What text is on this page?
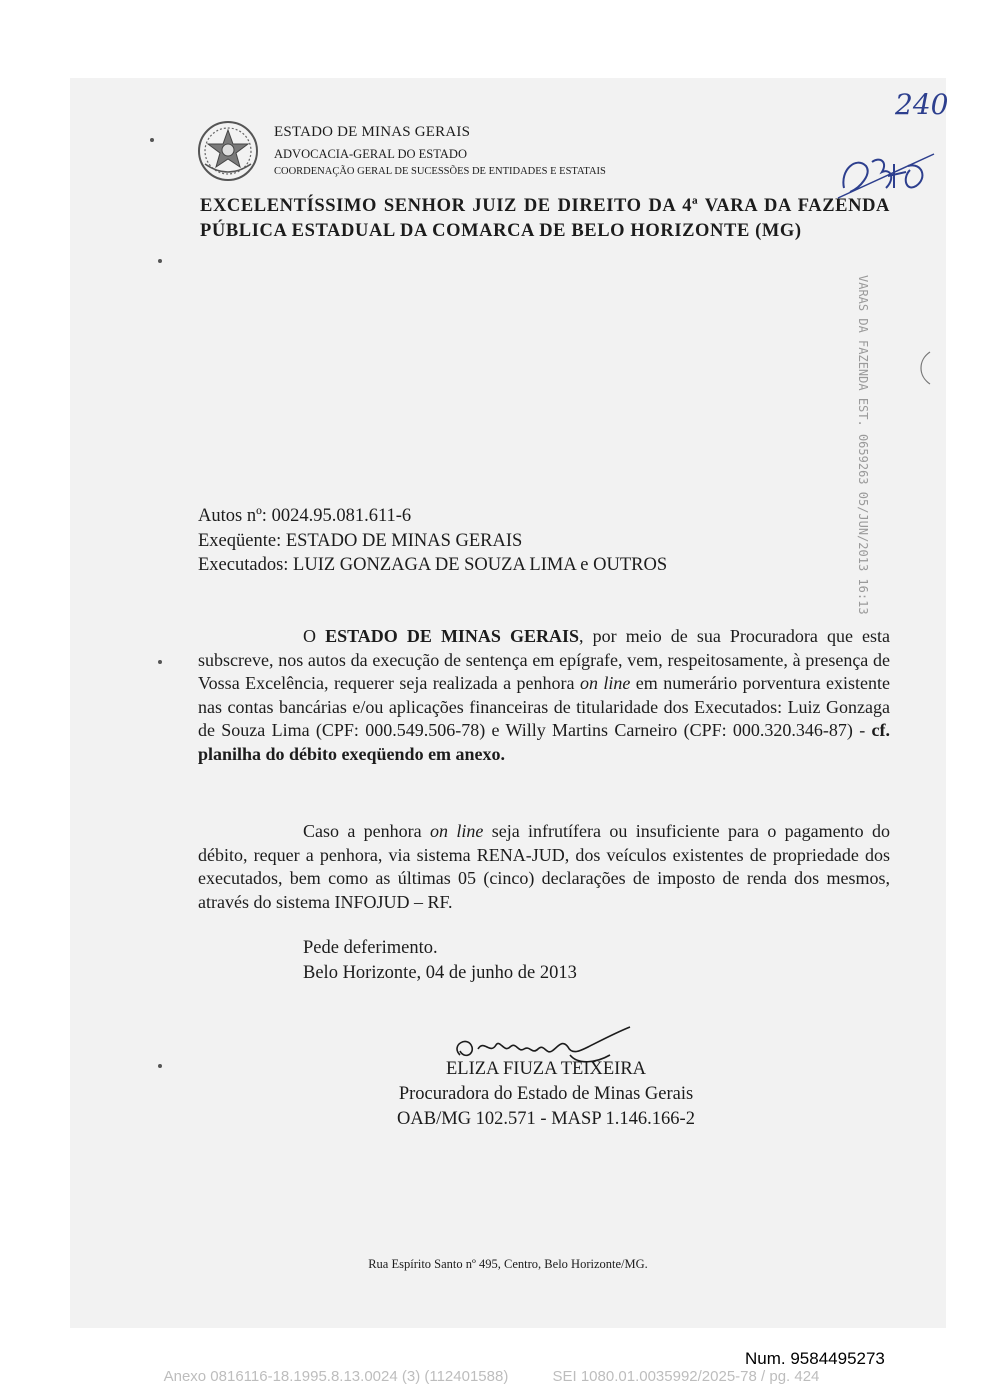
ESTADO DE MINAS GERAIS
ADVOCACIA-GERAL DO ESTADO
COORDENAÇÃO GERAL DE SUCESSÕES DE ENTIDADES E ESTATAIS
240
EXCELENTÍSSIMO SENHOR JUIZ DE DIREITO DA 4ª VARA DA FAZENDA PÚBLICA ESTADUAL DA COMARCA DE BELO HORIZONTE (MG)
VARAS DA FAZENDA EST. 0659263 05/JUN/2013 16:13
Autos nº: 0024.95.081.611-6
Exeqüente: ESTADO DE MINAS GERAIS
Executados: LUIZ GONZAGA DE SOUZA LIMA e OUTROS
O ESTADO DE MINAS GERAIS, por meio de sua Procuradora que esta subscreve, nos autos da execução de sentença em epígrafe, vem, respeitosamente, à presença de Vossa Excelência, requerer seja realizada a penhora on line em numerário porventura existente nas contas bancárias e/ou aplicações financeiras de titularidade dos Executados: Luiz Gonzaga de Souza Lima (CPF: 000.549.506-78) e Willy Martins Carneiro (CPF: 000.320.346-87) - cf. planilha do débito exeqüendo em anexo.
Caso a penhora on line seja infrutífera ou insuficiente para o pagamento do débito, requer a penhora, via sistema RENA-JUD, dos veículos existentes de propriedade dos executados, bem como as últimas 05 (cinco) declarações de imposto de renda dos mesmos, através do sistema INFOJUD – RF.
Pede deferimento.
Belo Horizonte, 04 de junho de 2013
ELIZA FIUZA TEIXEIRA
Procuradora do Estado de Minas Gerais
OAB/MG 102.571 - MASP 1.146.166-2
Rua Espírito Santo nº 495, Centro, Belo Horizonte/MG.
Num. 9584495273
Anexo 0816116-18.1995.8.13.0024 (3) (112401588)	SEI 1080.01.0035992/2025-78 / pg. 424
